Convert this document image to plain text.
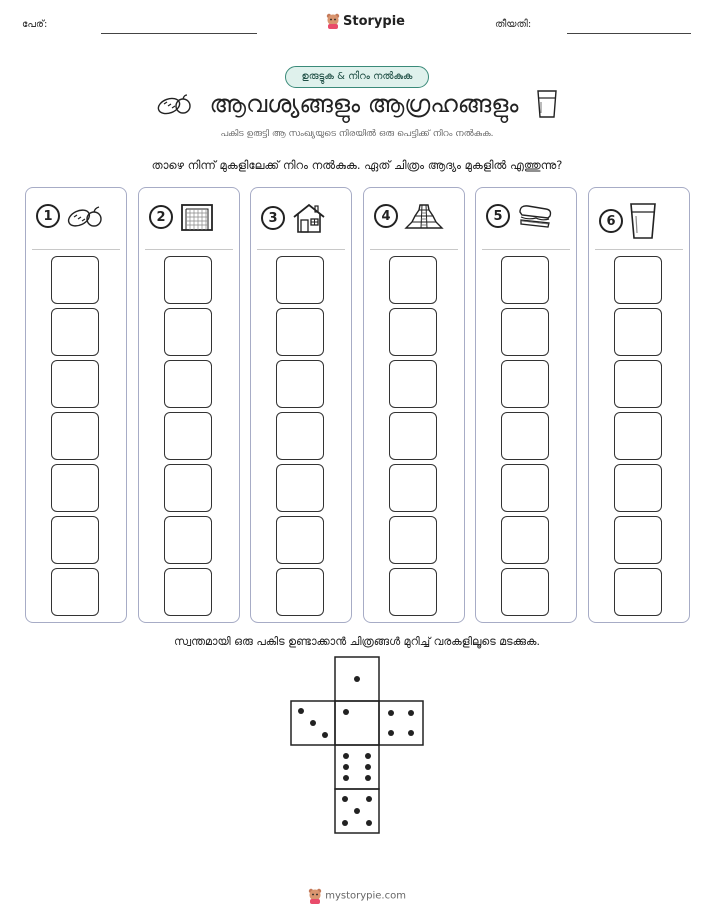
പേര്:	Storypie	തീയതി:
ഉരുട്ടുക & നിറം നൽകുക
ആവശ്യങ്ങളും ആഗ്രഹങ്ങളും
പകിട ഉരുട്ടി ആ സംഖ്യയുടെ നിരയിൽ ഒരു പെട്ടിക്ക് നിറം നൽകുക.
താഴെ നിന്ന് മുകളിലേക്ക് നിറം നൽകുക. ഏത് ചിത്രം ആദ്യം മുകളിൽ എത്തുന്നു?
1	2	3	4	5	6
സ്വന്തമായി ഒരു പകിട ഉണ്ടാക്കാൻ ചിത്രങ്ങൾ മുറിച്ച് വരകളിലൂടെ മടക്കുക.
mystorypie.com
